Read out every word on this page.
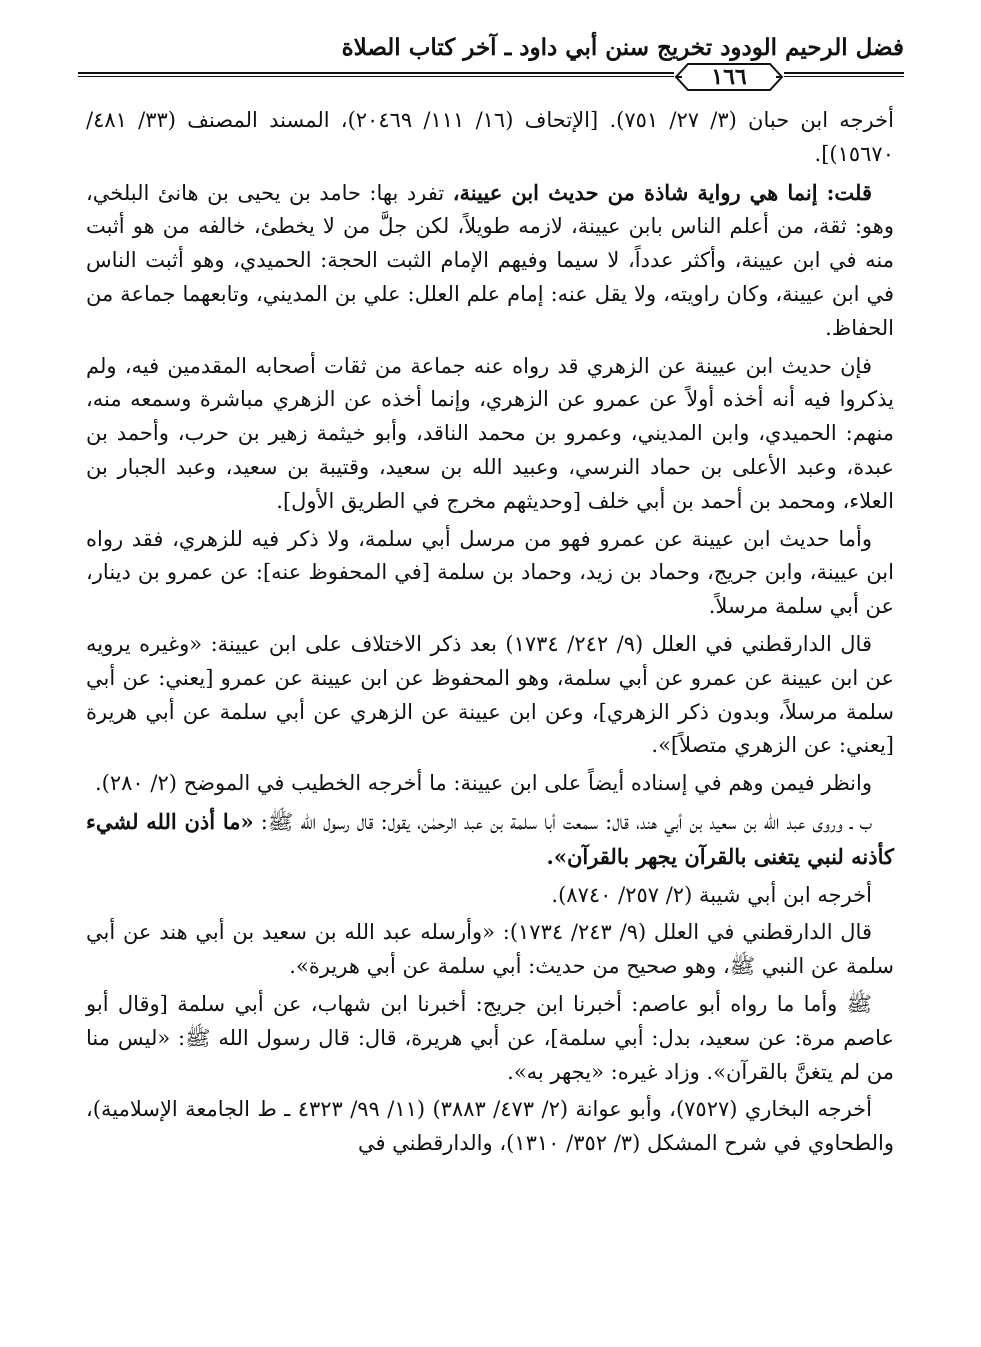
فضل الرحيم الودود تخريج سنن أبي داود ـ آخر كتاب الصلاة
١٦٦

أخرجه ابن حبان (٣/ ٢٧/ ٧٥١). [الإتحاف (١٦/ ١١١/ ٢٠٤٦٩)، المسند المصنف (٣٣/ ٤٨١/ ١٥٦٧٠)].

قلت: إنما هي رواية شاذة من حديث ابن عيينة، تفرد بها: حامد بن يحيى بن هانئ البلخي، وهو: ثقة، من أعلم الناس بابن عيينة، لازمه طويلاً، لكن جلَّ من لا يخطئ، خالفه من هو أثبت منه في ابن عيينة، وأكثر عدداً، لا سيما وفيهم الإمام الثبت الحجة: الحميدي، وهو أثبت الناس في ابن عيينة، وكان راويته، ولا يقل عنه: إمام علم العلل: علي بن المديني، وتابعهما جماعة من الحفاظ.

فإن حديث ابن عيينة عن الزهري قد رواه عنه جماعة من ثقات أصحابه المقدمين فيه، ولم يذكروا فيه أنه أخذه أولاً عن عمرو عن الزهري، وإنما أخذه عن الزهري مباشرة وسمعه منه، منهم: الحميدي، وابن المديني، وعمرو بن محمد الناقد، وأبو خيثمة زهير بن حرب، وأحمد بن عبدة، وعبد الأعلى بن حماد النرسي، وعبيد الله بن سعيد، وقتيبة بن سعيد، وعبد الجبار بن العلاء، ومحمد بن أحمد بن أبي خلف [وحديثهم مخرج في الطريق الأول].

وأما حديث ابن عيينة عن عمرو فهو من مرسل أبي سلمة، ولا ذكر فيه للزهري، فقد رواه ابن عيينة، وابن جريج، وحماد بن زيد، وحماد بن سلمة [في المحفوظ عنه]: عن عمرو بن دينار، عن أبي سلمة مرسلاً.

قال الدارقطني في العلل (٩/ ٢٤٢/ ١٧٣٤) بعد ذكر الاختلاف على ابن عيينة: «وغيره يرويه عن ابن عيينة عن عمرو عن أبي سلمة، وهو المحفوظ عن ابن عيينة عن عمرو [يعني: عن أبي سلمة مرسلاً، وبدون ذكر الزهري]، وعن ابن عيينة عن الزهري عن أبي سلمة عن أبي هريرة [يعني: عن الزهري متصلاً]».

وانظر فيمن وهم في إسناده أيضاً على ابن عيينة: ما أخرجه الخطيب في الموضح (٢/ ٢٨٠).

ب ـ وروى عبد الله بن سعيد بن أبي هند، قال: سمعت أبا سلمة بن عبد الرحمٰن، يقول: قال رسول الله ﷺ: «ما أذن الله لشيء كأذنه لنبي يتغنى بالقرآن يجهر بالقرآن».

أخرجه ابن أبي شيبة (٢/ ٢٥٧/ ٨٧٤٠).

قال الدارقطني في العلل (٩/ ٢٤٣/ ١٧٣٤): «وأرسله عبد الله بن سعيد بن أبي هند عن أبي سلمة عن النبي ﷺ، وهو صحيح من حديث: أبي سلمة عن أبي هريرة».

ﷺ وأما ما رواه أبو عاصم: أخبرنا ابن جريج: أخبرنا ابن شهاب، عن أبي سلمة [وقال أبو عاصم مرة: عن سعيد، بدل: أبي سلمة]، عن أبي هريرة، قال: قال رسول الله ﷺ: «ليس منا من لم يتغنَّ بالقرآن». وزاد غيره: «يجهر به».

أخرجه البخاري (٧٥٢٧)، وأبو عوانة (٢/ ٤٧٣/ ٣٨٨٣) (١١/ ٩٩/ ٤٣٢٣ ـ ط الجامعة الإسلامية)، والطحاوي في شرح المشكل (٣/ ٣٥٢/ ١٣١٠)، والدارقطني في
